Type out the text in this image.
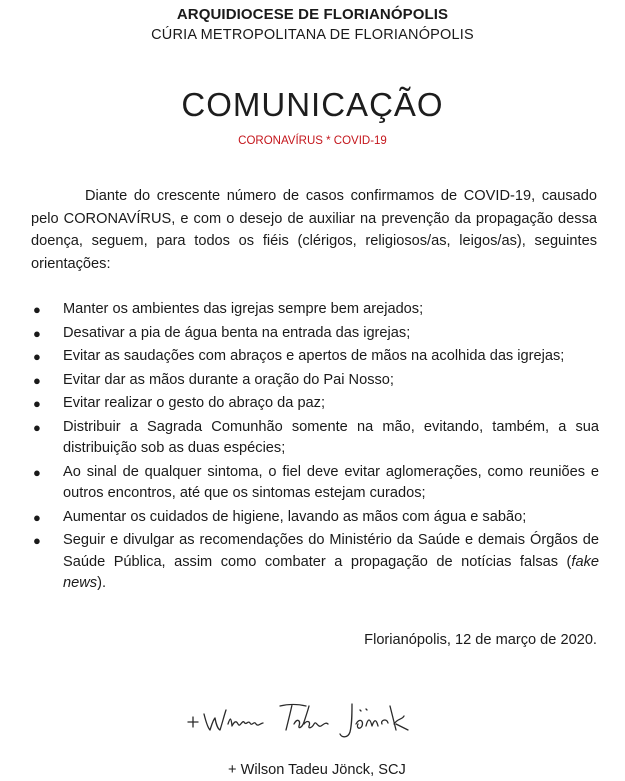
ARQUIDIOCESE DE FLORIANÓPOLIS
CÚRIA METROPOLITANA DE FLORIANÓPOLIS
COMUNICAÇÃO
CORONAVÍRUS * COVID-19

Diante do crescente número de casos confirmamos de COVID-19, causado pelo CORONAVÍRUS, e com o desejo de auxiliar na prevenção da propagação dessa doença, seguem, para todos os fiéis (clérigos, religiosos/as, leigos/as), seguintes orientações:

● Manter os ambientes das igrejas sempre bem arejados;
● Desativar a pia de água benta na entrada das igrejas;
● Evitar as saudações com abraços e apertos de mãos na acolhida das igrejas;
● Evitar dar as mãos durante a oração do Pai Nosso;
● Evitar realizar o gesto do abraço da paz;
● Distribuir a Sagrada Comunhão somente na mão, evitando, também, a sua distribuição sob as duas espécies;
● Ao sinal de qualquer sintoma, o fiel deve evitar aglomerações, como reuniões e outros encontros, até que os sintomas estejam curados;
● Aumentar os cuidados de higiene, lavando as mãos com água e sabão;
● Seguir e divulgar as recomendações do Ministério da Saúde e demais Órgãos de Saúde Pública, assim como combater a propagação de notícias falsas (fake news).
Florianópolis, 12 de março de 2020.
+ Wilson Tadeu Jönck
+ Wilson Tadeu Jönck, SCJ
